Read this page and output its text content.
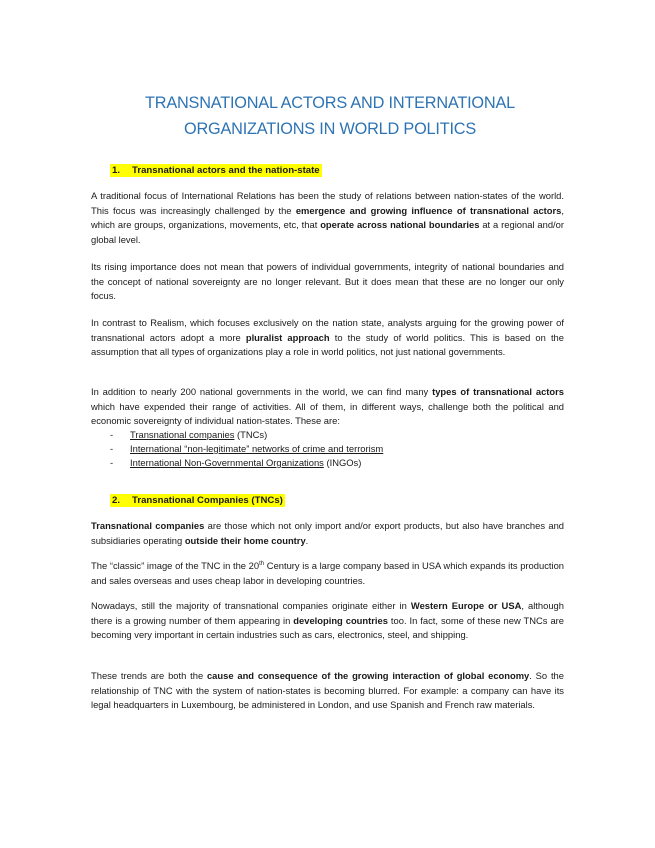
TRANSNATIONAL ACTORS AND INTERNATIONAL
ORGANIZATIONS IN WORLD POLITICS
1. Transnational actors and the nation-state

A traditional focus of International Relations has been the study of relations between nation-states of the world. This focus was increasingly challenged by the emergence and growing influence of transnational actors, which are groups, organizations, movements, etc, that operate across national boundaries at a regional and/or global level.

Its rising importance does not mean that powers of individual governments, integrity of national boundaries and the concept of national sovereignty are no longer relevant. But it does mean that these are no longer our only focus.

In contrast to Realism, which focuses exclusively on the nation state, analysts arguing for the growing power of transnational actors adopt a more pluralist approach to the study of world politics. This is based on the assumption that all types of organizations play a role in world politics, not just national governments.

In addition to nearly 200 national governments in the world, we can find many types of transnational actors which have expended their range of activities. All of them, in different ways, challenge both the political and economic sovereignty of individual nation-states. These are:

- Transnational companies (TNCs)
- International “non-legitimate” networks of crime and terrorism
- International Non-Governmental Organizations (INGOs)
2. Transnational Companies (TNCs)

Transnational companies are those which not only import and/or export products, but also have branches and subsidiaries operating outside their home country.

The “classic” image of the TNC in the 20th Century is a large company based in USA which expands its production and sales overseas and uses cheap labor in developing countries.

Nowadays, still the majority of transnational companies originate either in Western Europe or USA, although there is a growing number of them appearing in developing countries too. In fact, some of these new TNCs are becoming very important in certain industries such as cars, electronics, steel, and shipping.

These trends are both the cause and consequence of the growing interaction of global economy. So the relationship of TNC with the system of nation-states is becoming blurred. For example: a company can have its legal headquarters in Luxembourg, be administered in London, and use Spanish and French raw materials.
